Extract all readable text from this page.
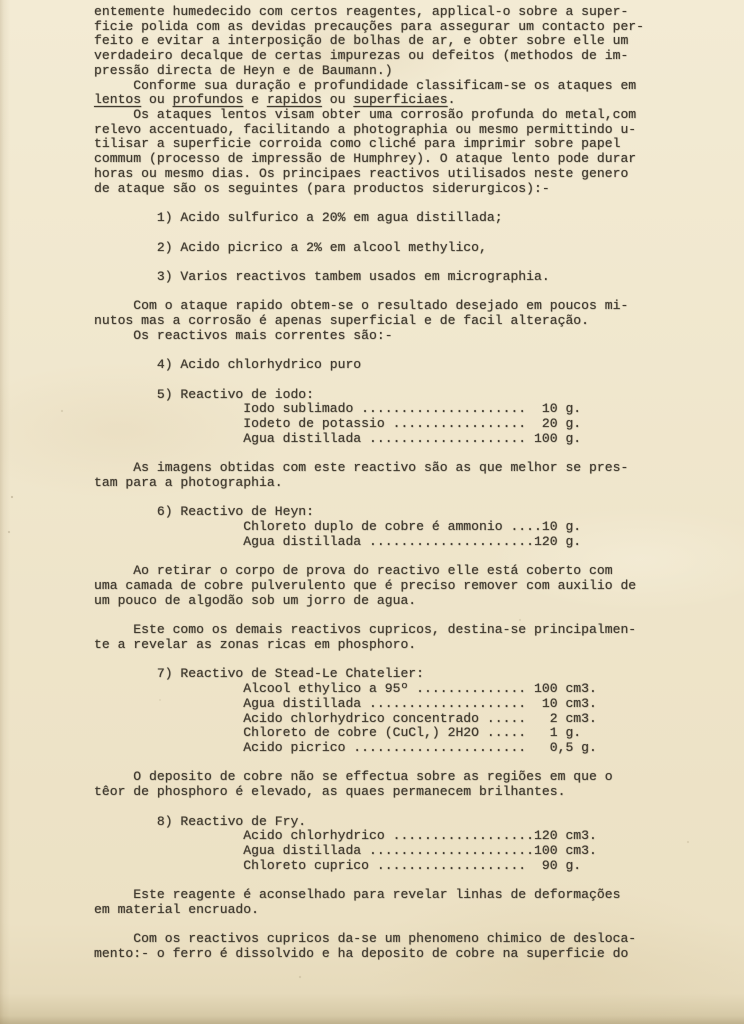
entemente humedecido com certos reagentes, applical-o sobre a super-
ficie polida com as devidas precauções para assegurar um contacto per-
feito e evitar a interposição de bolhas de ar, e obter sobre elle um
verdadeiro decalque de certas impurezas ou defeitos (methodos de im-
pressão directa de Heyn e de Baumann.)
Conforme sua duração e profundidade classificam-se os ataques em
lentos ou profundos e rapidos ou superficiaes.
Os ataques lentos visam obter uma corrosão profunda do metal,com
relevo accentuado, facilitando a photographia ou mesmo permittindo u-
tilisar a superficie corroida como cliché para imprimir sobre papel
commum (processo de impressão de Humphrey). O ataque lento pode durar
horas ou mesmo dias. Os principaes reactivos utilisados neste genero
de ataque são os seguintes (para productos siderurgicos):-

1) Acido sulfurico a 20% em agua distillada;

2) Acido picrico a 2% em alcool methylico,

3) Varios reactivos tambem usados em micrographia.

Com o ataque rapido obtem-se o resultado desejado em poucos mi-
nutos mas a corrosão é apenas superficial e de facil alteração.
Os reactivos mais correntes são:-

4) Acido chlorhydrico puro

5) Reactivo de iodo:
Iodo sublimado .....................  10 g.
Iodeto de potassio .................  20 g.
Agua distillada .................... 100 g.

As imagens obtidas com este reactivo são as que melhor se pres-
tam para a photographia.

6) Reactivo de Heyn:
Chloreto duplo de cobre é ammonio ....10 g.
Agua distillada .....................120 g.

Ao retirar o corpo de prova do reactivo elle está coberto com
uma camada de cobre pulverulento que é preciso remover com auxilio de
um pouco de algodão sob um jorro de agua.

Este como os demais reactivos cupricos, destina-se principalmen-
te a revelar as zonas ricas em phosphoro.

7) Reactivo de Stead-Le Chatelier:
Alcool ethylico a 95º .............. 100 cm3.
Agua distillada ....................  10 cm3.
Acido chlorhydrico concentrado .....   2 cm3.
Chloreto de cobre (CuCl,) 2H2O .....   1 g.
Acido picrico ......................   0,5 g.

O deposito de cobre não se effectua sobre as regiões em que o
têor de phosphoro é elevado, as quaes permanecem brilhantes.

8) Reactivo de Fry.
Acido chlorhydrico ..................120 cm3.
Agua distillada .....................100 cm3.
Chloreto cuprico ...................  90 g.

Este reagente é aconselhado para revelar linhas de deformações
em material encruado.

Com os reactivos cupricos da-se um phenomeno chimico de desloca-
mento:- o ferro é dissolvido e ha deposito de cobre na superficie do
